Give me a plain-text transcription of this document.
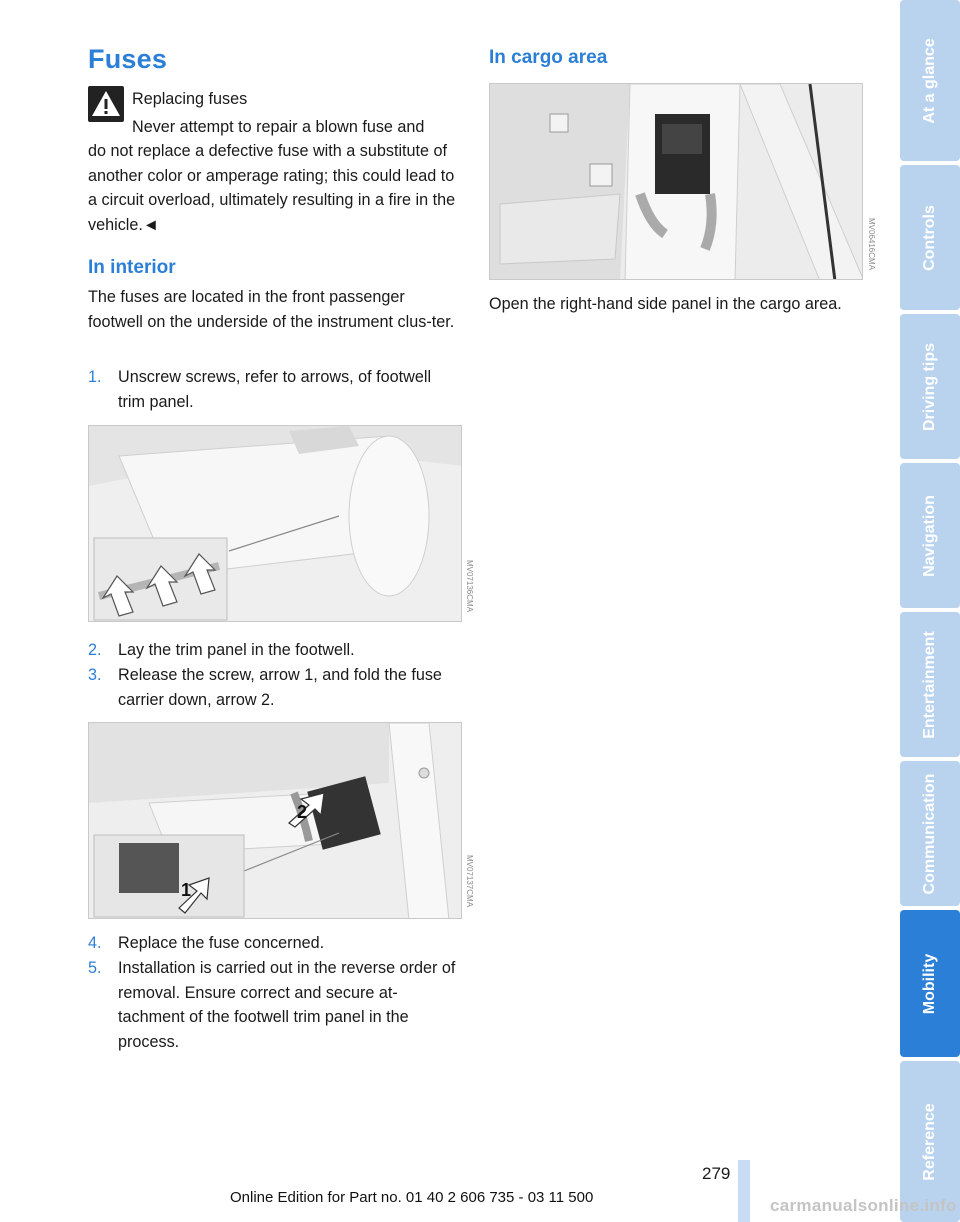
Fuses
Replacing fuses
Never attempt to repair a blown fuse and
do not replace a defective fuse with a substitute of another color or amperage rating; this could lead to a circuit overload, ultimately resulting in a fire in the vehicle.◄
In interior
The fuses are located in the front passenger footwell on the underside of the instrument clus-ter.
1. Unscrew screws, refer to arrows, of footwell trim panel.
MV07136CMA
2. Lay the trim panel in the footwell.
3. Release the screw, arrow 1, and fold the fuse carrier down, arrow 2.
1
2
MV07137CMA
4. Replace the fuse concerned.
5. Installation is carried out in the reverse order of removal. Ensure correct and secure at-tachment of the footwell trim panel in the process.
In cargo area
MV06416CMA
Open the right-hand side panel in the cargo area.
At a glance
Controls
Driving tips
Navigation
Entertainment
Communication
Mobility
Reference
279
Online Edition for Part no. 01 40 2 606 735 - 03 11 500	carmanualsonline.info
